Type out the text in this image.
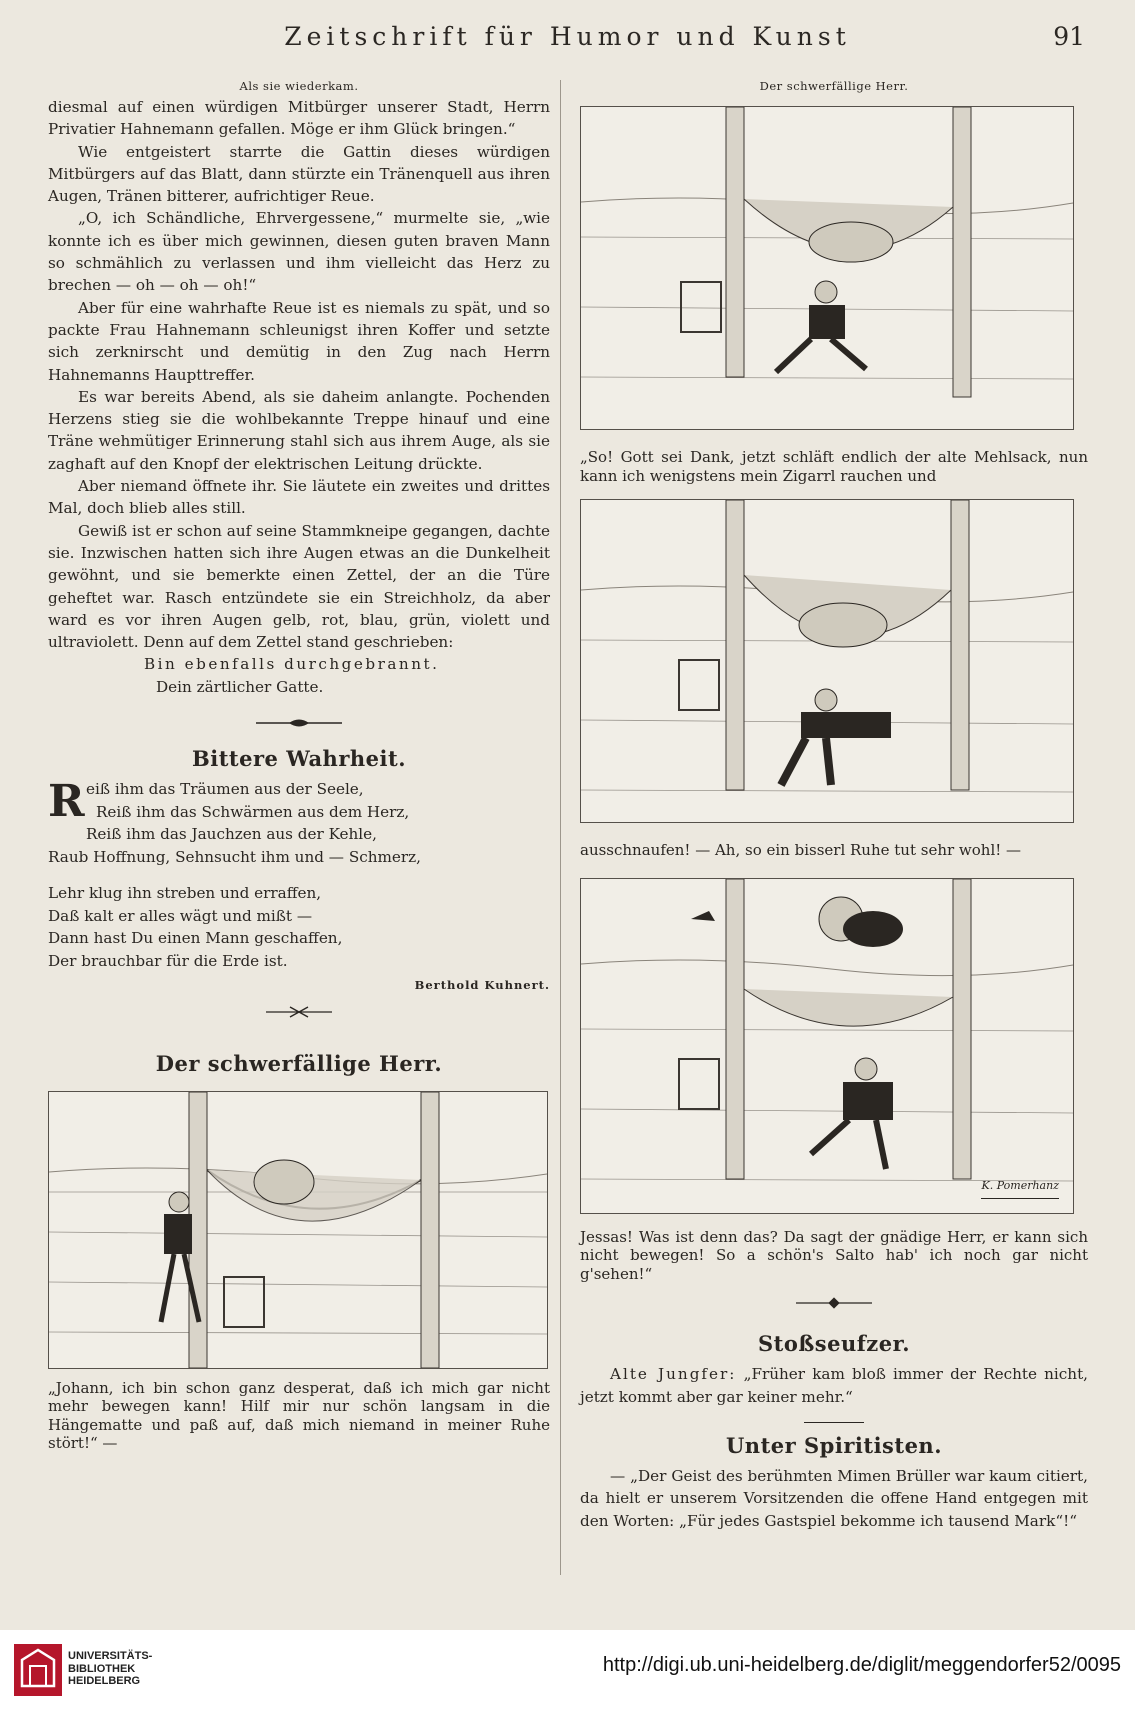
Zeitschrift für Humor und Kunst	91
Als sie wiederkam.

diesmal auf einen würdigen Mitbürger unserer Stadt, Herrn Privatier Hahnemann gefallen. Möge er ihm Glück bringen.“

Wie entgeistert starrte die Gattin dieses würdigen Mitbürgers auf das Blatt, dann stürzte ein Tränenquell aus ihren Augen, Tränen bitterer, aufrichtiger Reue.

„O, ich Schändliche, Ehrvergessene,“ murmelte sie, „wie konnte ich es über mich gewinnen, diesen guten braven Mann so schmählich zu verlassen und ihm vielleicht das Herz zu brechen — oh — oh — oh!“

Aber für eine wahrhafte Reue ist es niemals zu spät, und so packte Frau Hahnemann schleunigst ihren Koffer und setzte sich zerknirscht und demütig in den Zug nach Herrn Hahnemanns Haupttreffer.

Es war bereits Abend, als sie daheim anlangte. Pochenden Herzens stieg sie die wohlbekannte Treppe hinauf und eine Träne wehmütiger Erinnerung stahl sich aus ihrem Auge, als sie zaghaft auf den Knopf der elektrischen Leitung drückte.

Aber niemand öffnete ihr. Sie läutete ein zweites und drittes Mal, doch blieb alles still.

Gewiß ist er schon auf seine Stammkneipe gegangen, dachte sie. Inzwischen hatten sich ihre Augen etwas an die Dunkelheit gewöhnt, und sie bemerkte einen Zettel, der an die Türe geheftet war. Rasch entzündete sie ein Streichholz, da aber ward es vor ihren Augen gelb, rot, blau, grün, violett und ultraviolett. Denn auf dem Zettel stand geschrieben:

Bin ebenfalls durchgebrannt.

Dein zärtlicher Gatte.

Bittere Wahrheit.
R eiß ihm das Träumen aus der Seele,

Reiß ihm das Schwärmen aus dem Herz,

Reiß ihm das Jauchzen aus der Kehle,

Raub Hoffnung, Sehnsucht ihm und — Schmerz,

Lehr klug ihn streben und erraffen,

Daß kalt er alles wägt und mißt —

Dann hast Du einen Mann geschaffen,

Der brauchbar für die Erde ist.

Berthold Kuhnert.

Der schwerfällige Herr.

„Johann, ich bin schon ganz desperat, daß ich mich gar nicht mehr bewegen kann! Hilf mir nur schön langsam in die Hängematte und paß auf, daß mich niemand in meiner Ruhe stört!“ —

Der schwerfällige Herr.

„So! Gott sei Dank, jetzt schläft endlich der alte Mehlsack, nun kann ich wenigstens mein Zigarrl rauchen und

ausschnaufen! — Ah, so ein bisserl Ruhe tut sehr wohl! —

K. Pomerhanz

Jessas! Was ist denn das? Da sagt der gnädige Herr, er kann sich nicht bewegen! So a schön's Salto hab' ich noch gar nicht g'sehen!“

Stoßseufzer.

Alte Jungfer: „Früher kam bloß immer der Rechte nicht, jetzt kommt aber gar keiner mehr.“

Unter Spiritisten.

— „Der Geist des berühmten Mimen Brüller war kaum citiert, da hielt er unserem Vorsitzenden die offene Hand entgegen mit den Worten: „Für jedes Gastspiel bekomme ich tausend Mark“!“

UNIVERSITÄTS-
BIBLIOTHEK
HEIDELBERG
http://digi.ub.uni-heidelberg.de/diglit/meggendorfer52/0095
